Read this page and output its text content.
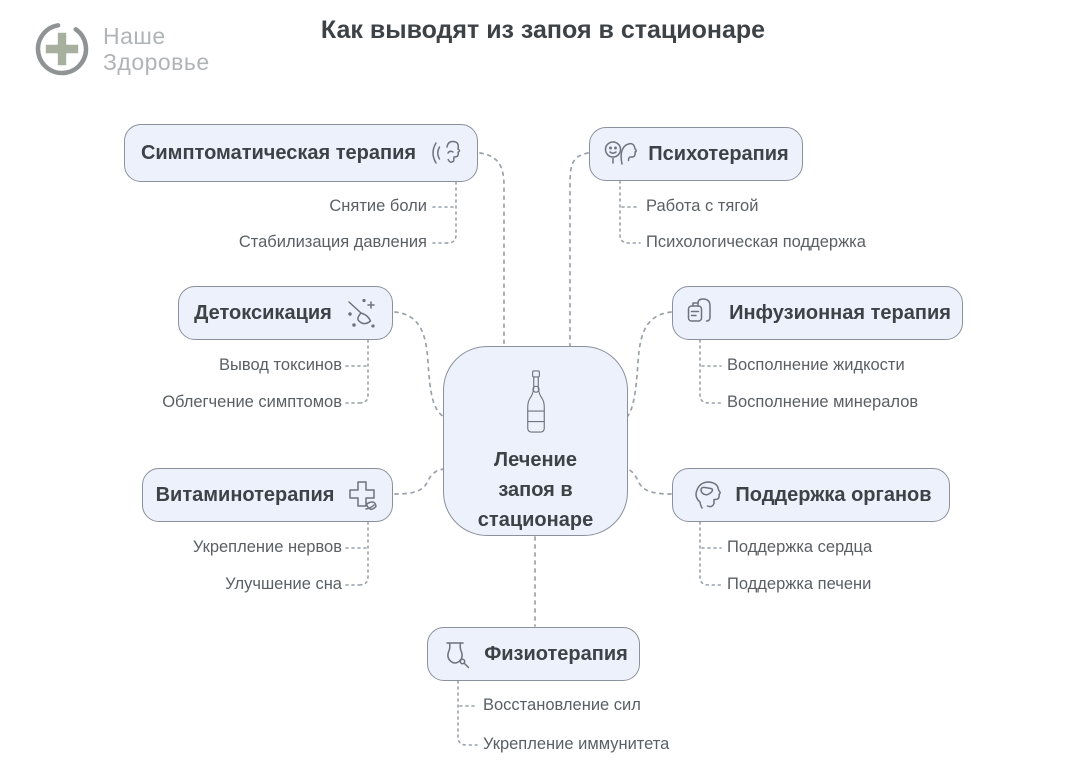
Наше
Здоровье
Как выводят из запоя в стационаре
Симптоматическая терапия	Психотерапия
Детоксикация	Инфузионная терапия
Витаминотерапия	Поддержка органов
Физиотерапия
Лечение запоя в стационаре
Снятие боли
Стабилизация давления
Работа с тягой
Психологическая поддержка
Вывод токсинов
Облегчение симптомов
Восполнение жидкости
Восполнение минералов
Укрепление нервов
Улучшение сна
Поддержка сердца
Поддержка печени
Восстановление сил
Укрепление иммунитета
